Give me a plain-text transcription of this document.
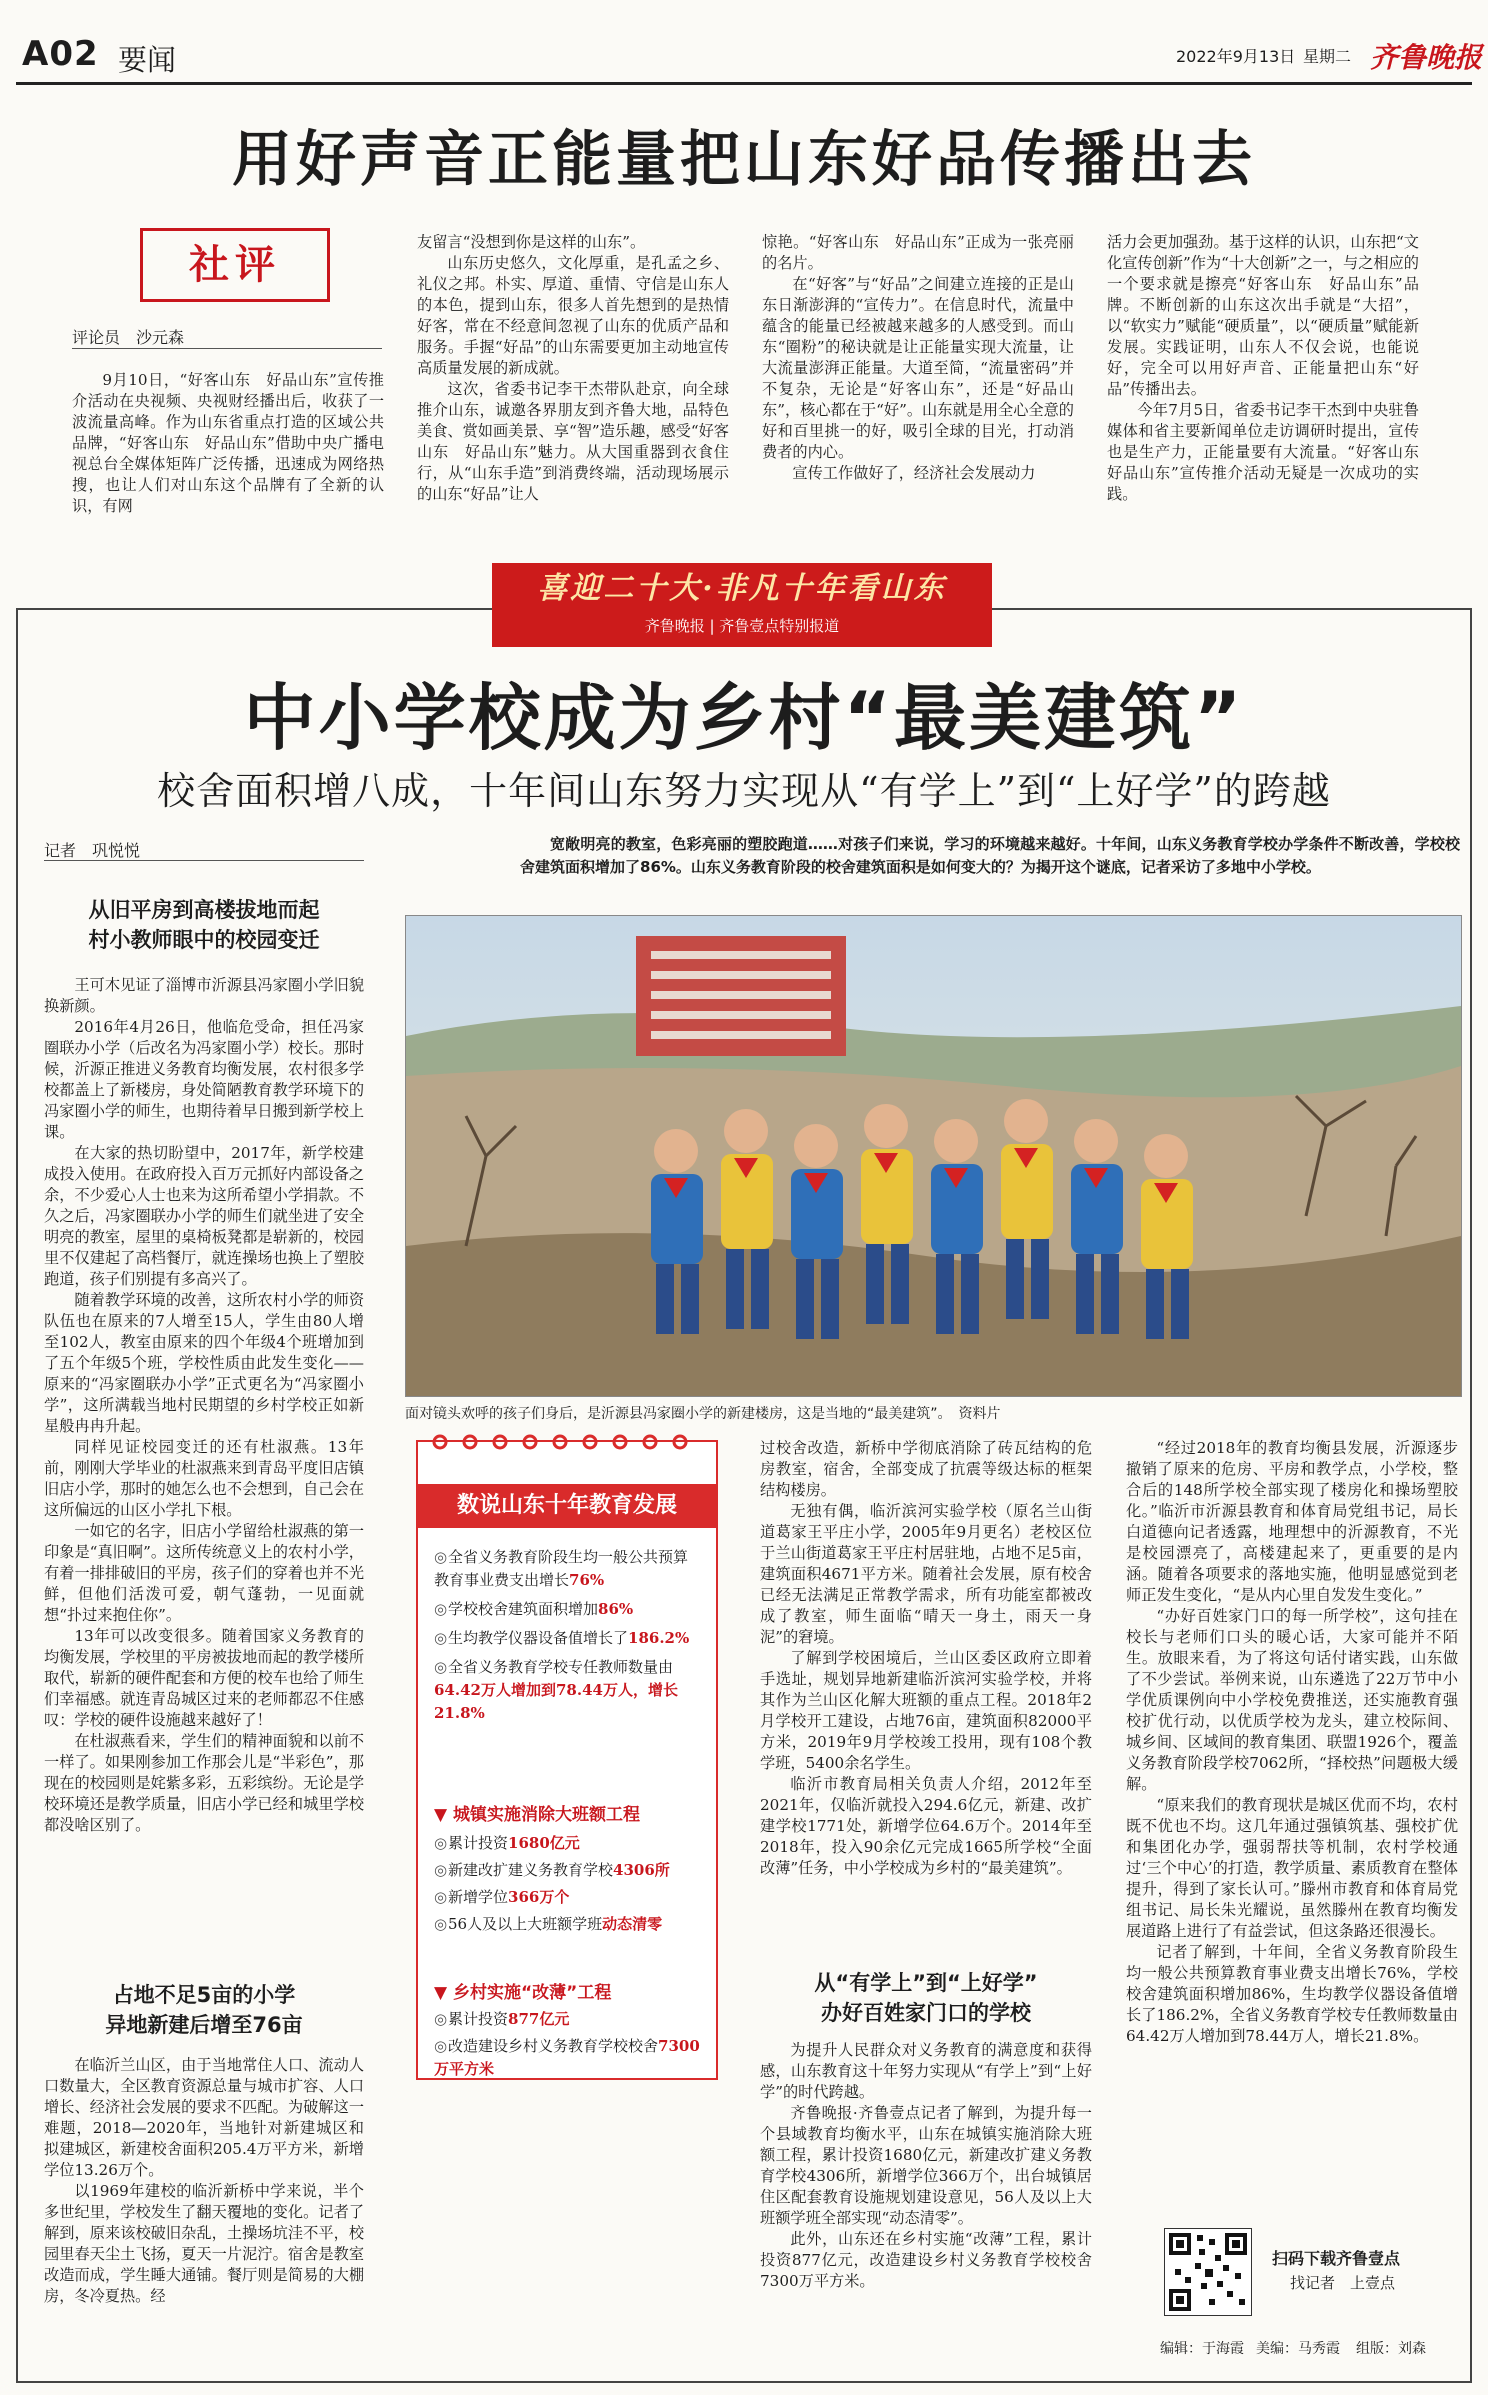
A02 要闻	2022年9月13日 星期二 齐鲁晚报
用好声音正能量把山东好品传播出去
社评
评论员　沙元森

9月10日，“好客山东　好品山东”宣传推介活动在央视频、央视财经播出后，收获了一波流量高峰。作为山东省重点打造的区域公共品牌，“好客山东　好品山东”借助中央广播电视总台全媒体矩阵广泛传播，迅速成为网络热搜，也让人们对山东这个品牌有了全新的认识，有网

友留言“没想到你是这样的山东”。

山东历史悠久，文化厚重，是孔孟之乡、礼仪之邦。朴实、厚道、重情、守信是山东人的本色，提到山东，很多人首先想到的是热情好客，常在不经意间忽视了山东的优质产品和服务。手握“好品”的山东需要更加主动地宣传高质量发展的新成就。

这次，省委书记李干杰带队赴京，向全球推介山东，诚邀各界朋友到齐鲁大地，品特色美食、赏如画美景、享“智”造乐趣，感受“好客山东　好品山东”魅力。从大国重器到衣食住行，从“山东手造”到消费终端，活动现场展示的山东“好品”让人

惊艳。“好客山东　好品山东”正成为一张亮丽的名片。

在“好客”与“好品”之间建立连接的正是山东日渐澎湃的“宣传力”。在信息时代，流量中蕴含的能量已经被越来越多的人感受到。而山东“圈粉”的秘诀就是让正能量实现大流量，让大流量澎湃正能量。大道至简，“流量密码”并不复杂，无论是“好客山东”，还是“好品山东”，核心都在于“好”。山东就是用全心全意的好和百里挑一的好，吸引全球的目光，打动消费者的内心。

宣传工作做好了，经济社会发展动力

活力会更加强劲。基于这样的认识，山东把“文化宣传创新”作为“十大创新”之一，与之相应的一个要求就是擦亮“好客山东　好品山东”品牌。不断创新的山东这次出手就是“大招”，以“软实力”赋能“硬质量”，以“硬质量”赋能新发展。实践证明，山东人不仅会说，也能说好，完全可以用好声音、正能量把山东“好品”传播出去。

今年7月5日，省委书记李干杰到中央驻鲁媒体和省主要新闻单位走访调研时提出，宣传也是生产力，正能量要有大流量。“好客山东　好品山东”宣传推介活动无疑是一次成功的实践。

喜迎二十大·非凡十年看山东
齐鲁晚报 | 齐鲁壹点特别报道
中小学校成为乡村“最美建筑”
校舍面积增八成，十年间山东努力实现从“有学上”到“上好学”的跨越
记者　巩悦悦	宽敞明亮的教室，色彩亮丽的塑胶跑道……对孩子们来说，学习的环境越来越好。十年间，山东义务教育学校办学条件不断改善，学校校舍建筑面积增加了86%。山东义务教育阶段的校舍建筑面积是如何变大的？为揭开这个谜底，记者采访了多地中小学校。
从旧平房到高楼拔地而起
村小教师眼中的校园变迁

王可木见证了淄博市沂源县冯家圈小学旧貌换新颜。

2016年4月26日，他临危受命，担任冯家圈联办小学（后改名为冯家圈小学）校长。那时候，沂源正推进义务教育均衡发展，农村很多学校都盖上了新楼房，身处简陋教育教学环境下的冯家圈小学的师生，也期待着早日搬到新学校上课。

在大家的热切盼望中，2017年，新学校建成投入使用。在政府投入百万元抓好内部设备之余，不少爱心人士也来为这所希望小学捐款。不久之后，冯家圈联办小学的师生们就坐进了安全明亮的教室，屋里的桌椅板凳都是崭新的，校园里不仅建起了高档餐厅，就连操场也换上了塑胶跑道，孩子们别提有多高兴了。

随着教学环境的改善，这所农村小学的师资队伍也在原来的7人增至15人，学生由80人增至102人，教室由原来的四个年级4个班增加到了五个年级5个班，学校性质由此发生变化——原来的“冯家圈联办小学”正式更名为“冯家圈小学”，这所满载当地村民期望的乡村学校正如新星般冉冉升起。

同样见证校园变迁的还有杜淑燕。13年前，刚刚大学毕业的杜淑燕来到青岛平度旧店镇旧店小学，那时的她怎么也不会想到，自己会在这所偏远的山区小学扎下根。

一如它的名字，旧店小学留给杜淑燕的第一印象是“真旧啊”。这所传统意义上的农村小学，有着一排排破旧的平房，孩子们的穿着也并不光鲜，但他们活泼可爱，朝气蓬勃，一见面就想“扑过来抱住你”。

13年可以改变很多。随着国家义务教育的均衡发展，学校里的平房被拔地而起的教学楼所取代，崭新的硬件配套和方便的校车也给了师生们幸福感。就连青岛城区过来的老师都忍不住感叹：学校的硬件设施越来越好了！

在杜淑燕看来，学生们的精神面貌和以前不一样了。如果刚参加工作那会儿是“半彩色”，那现在的校园则是姹紫多彩，五彩缤纷。无论是学校环境还是教学质量，旧店小学已经和城里学校都没啥区别了。

占地不足5亩的小学
异地新建后增至76亩

在临沂兰山区，由于当地常住人口、流动人口数量大，全区教育资源总量与城市扩容、人口增长、经济社会发展的要求不匹配。为破解这一难题，2018—2020年，当地针对新建城区和拟建城区，新建校舍面积205.4万平方米，新增学位13.26万个。

以1969年建校的临沂新桥中学来说，半个多世纪里，学校发生了翻天覆地的变化。记者了解到，原来该校破旧杂乱，土操场坑洼不平，校园里春天尘土飞扬，夏天一片泥泞。宿舍是教室改造而成，学生睡大通铺。餐厅则是简易的大棚房，冬冷夏热。经

面对镜头欢呼的孩子们身后，是沂源县冯家圈小学的新建楼房，这是当地的“最美建筑”。　资料片
数说山东十年教育发展
◎全省义务教育阶段生均一般公共预算教育事业费支出增长76%
◎学校校舍建筑面积增加86%
◎生均教学仪器设备值增长了186.2%
◎全省义务教育学校专任教师数量由64.42万人增加到78.44万人，增长21.8%
▼ 城镇实施消除大班额工程
◎累计投资1680亿元
◎新建改扩建义务教育学校4306所
◎新增学位366万个
◎56人及以上大班额学班动态清零
▼ 乡村实施“改薄”工程
◎累计投资877亿元
◎改造建设乡村义务教育学校校舍7300万平方米

过校舍改造，新桥中学彻底消除了砖瓦结构的危房教室，宿舍，全部变成了抗震等级达标的框架结构楼房。

无独有偶，临沂滨河实验学校（原名兰山街道葛家王平庄小学，2005年9月更名）老校区位于兰山街道葛家王平庄村居驻地，占地不足5亩，建筑面积4671平方米。随着社会发展，原有校舍已经无法满足正常教学需求，所有功能室都被改成了教室，师生面临“晴天一身土，雨天一身泥”的窘境。

了解到学校困境后，兰山区委区政府立即着手选址，规划异地新建临沂滨河实验学校，并将其作为兰山区化解大班额的重点工程。2018年2月学校开工建设，占地76亩，建筑面积82000平方米，2019年9月学校竣工投用，现有108个教学班，5400余名学生。

临沂市教育局相关负责人介绍，2012年至2021年，仅临沂就投入294.6亿元，新建、改扩建学校1771处，新增学位64.6万个。2014年至2018年，投入90余亿元完成1665所学校“全面改薄”任务，中小学校成为乡村的“最美建筑”。

从“有学上”到“上好学”
办好百姓家门口的学校

为提升人民群众对义务教育的满意度和获得感，山东教育这十年努力实现从“有学上”到“上好学”的时代跨越。

齐鲁晚报·齐鲁壹点记者了解到，为提升每一个县域教育均衡水平，山东在城镇实施消除大班额工程，累计投资1680亿元，新建改扩建义务教育学校4306所，新增学位366万个，出台城镇居住区配套教育设施规划建设意见，56人及以上大班额学班全部实现“动态清零”。

此外，山东还在乡村实施“改薄”工程，累计投资877亿元，改造建设乡村义务教育学校校舍7300万平方米。

“经过2018年的教育均衡县发展，沂源逐步撤销了原来的危房、平房和教学点，小学校，整合后的148所学校全部实现了楼房化和操场塑胶化。”临沂市沂源县教育和体育局党组书记，局长白道德向记者透露，地理想中的沂源教育，不光是校园漂亮了，高楼建起来了，更重要的是内涵。随着各项要求的落地实施，他明显感觉到老师正发生变化，“是从内心里自发发生变化。”

“办好百姓家门口的每一所学校”，这句挂在校长与老师们口头的暖心话，大家可能并不陌生。放眼来看，为了将这句话付诸实践，山东做了不少尝试。举例来说，山东遴选了22万节中小学优质课例向中小学校免费推送，还实施教育强校扩优行动，以优质学校为龙头，建立校际间、城乡间、区域间的教育集团、联盟1926个，覆盖义务教育阶段学校7062所，“择校热”问题极大缓解。

“原来我们的教育现状是城区优而不均，农村既不优也不均。这几年通过强镇筑基、强校扩优和集团化办学，强弱帮扶等机制，农村学校通过‘三个中心’的打造，教学质量、素质教育在整体提升，得到了家长认可。”滕州市教育和体育局党组书记、局长朱光耀说，虽然滕州在教育均衡发展道路上进行了有益尝试，但这条路还很漫长。

记者了解到，十年间，全省义务教育阶段生均一般公共预算教育事业费支出增长76%，学校校舍建筑面积增加86%，生均教学仪器设备值增长了186.2%，全省义务教育学校专任教师数量由64.42万人增加到78.44万人，增长21.8%。

扫码下载齐鲁壹点
找记者　上壹点
编辑：于海霞 美编：马秀霞 组版：刘森
